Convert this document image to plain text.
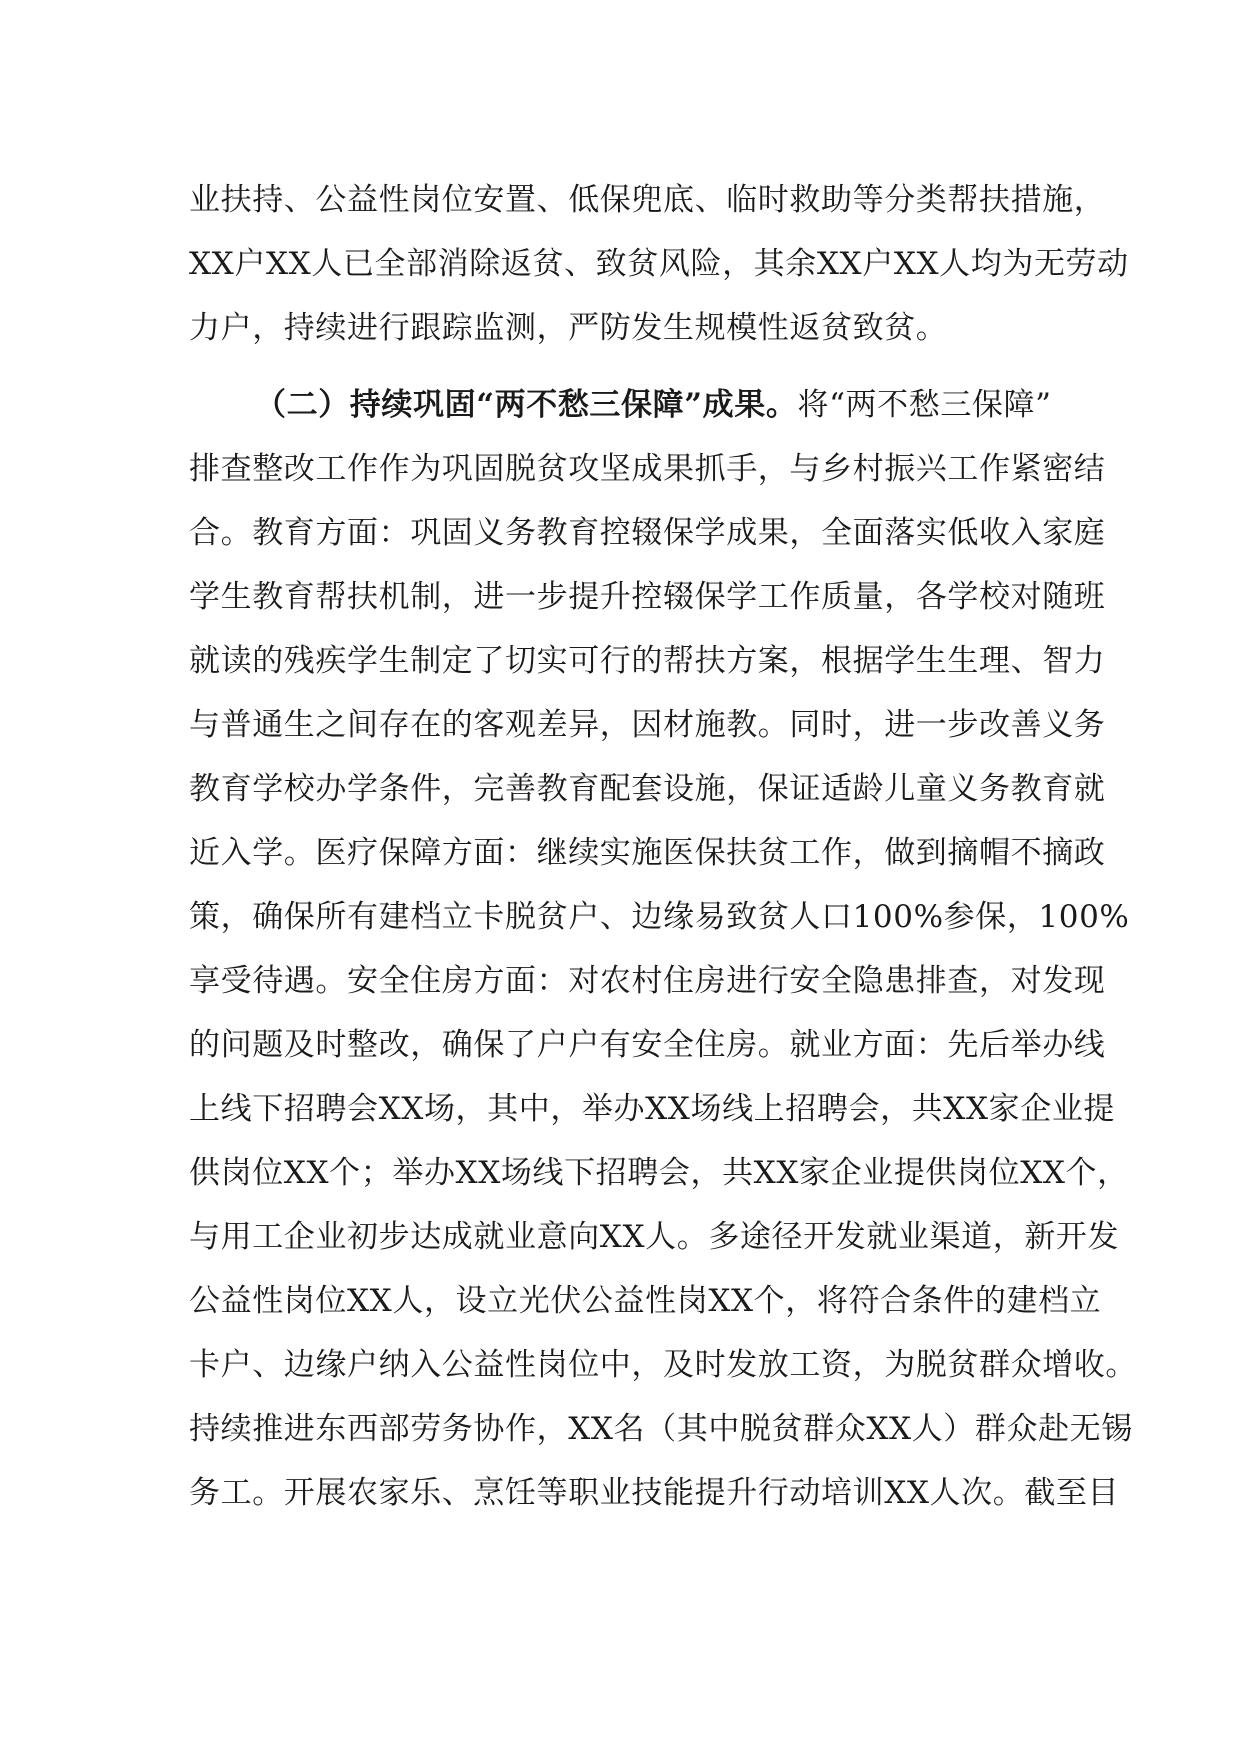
业扶持、公益性岗位安置、低保兜底、临时救助等分类帮扶措施，
XX户XX人已全部消除返贫、致贫风险，其余XX户XX人均为无劳动
力户，持续进行跟踪监测，严防发生规模性返贫致贫。
（二）持续巩固“两不愁三保障”成果。将“两不愁三保障”
排查整改工作作为巩固脱贫攻坚成果抓手，与乡村振兴工作紧密结
合。教育方面：巩固义务教育控辍保学成果，全面落实低收入家庭
学生教育帮扶机制，进一步提升控辍保学工作质量，各学校对随班
就读的残疾学生制定了切实可行的帮扶方案，根据学生生理、智力
与普通生之间存在的客观差异，因材施教。同时，进一步改善义务
教育学校办学条件，完善教育配套设施，保证适龄儿童义务教育就
近入学。医疗保障方面：继续实施医保扶贫工作，做到摘帽不摘政
策，确保所有建档立卡脱贫户、边缘易致贫人口100%参保，100%
享受待遇。安全住房方面：对农村住房进行安全隐患排查，对发现
的问题及时整改，确保了户户有安全住房。就业方面：先后举办线
上线下招聘会XX场，其中，举办XX场线上招聘会，共XX家企业提
供岗位XX个；举办XX场线下招聘会，共XX家企业提供岗位XX个，
与用工企业初步达成就业意向XX人。多途径开发就业渠道，新开发
公益性岗位XX人，设立光伏公益性岗XX个，将符合条件的建档立
卡户、边缘户纳入公益性岗位中，及时发放工资，为脱贫群众增收。
持续推进东西部劳务协作，XX名（其中脱贫群众XX人）群众赴无锡
务工。开展农家乐、烹饪等职业技能提升行动培训XX人次。截至目
